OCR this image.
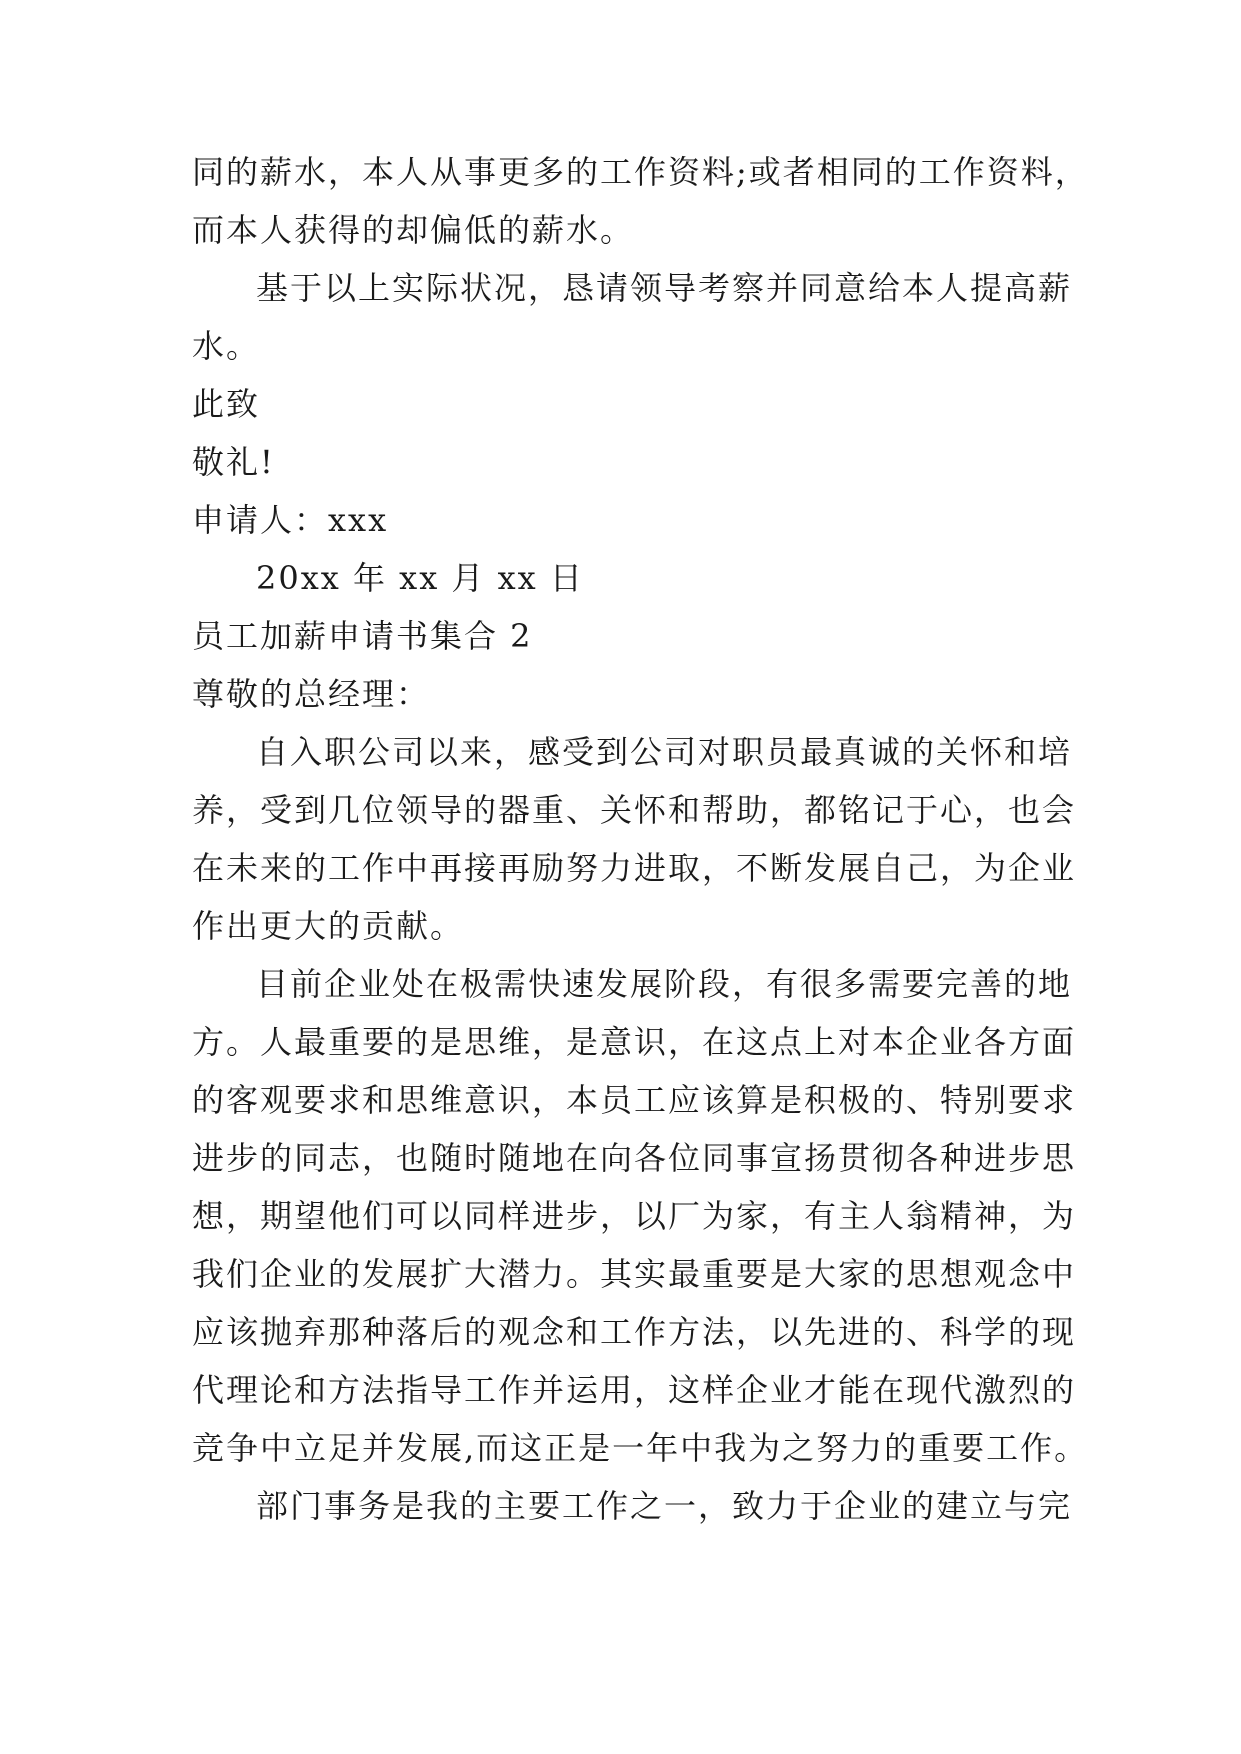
同的薪水，本人从事更多的工作资料;或者相同的工作资料，
而本人获得的却偏低的薪水。
基于以上实际状况，恳请领导考察并同意给本人提高薪
水。
此致
敬礼!
申请人：xxx
20xx 年 xx 月 xx 日
员工加薪申请书集合 2
尊敬的总经理：
自入职公司以来，感受到公司对职员最真诚的关怀和培
养，受到几位领导的器重、关怀和帮助，都铭记于心，也会
在未来的工作中再接再励努力进取，不断发展自己，为企业
作出更大的贡献。
目前企业处在极需快速发展阶段，有很多需要完善的地
方。人最重要的是思维，是意识，在这点上对本企业各方面
的客观要求和思维意识，本员工应该算是积极的、特别要求
进步的同志，也随时随地在向各位同事宣扬贯彻各种进步思
想，期望他们可以同样进步，以厂为家，有主人翁精神，为
我们企业的发展扩大潜力。其实最重要是大家的思想观念中
应该抛弃那种落后的观念和工作方法，以先进的、科学的现
代理论和方法指导工作并运用，这样企业才能在现代激烈的
竞争中立足并发展,而这正是一年中我为之努力的重要工作。
部门事务是我的主要工作之一，致力于企业的建立与完
